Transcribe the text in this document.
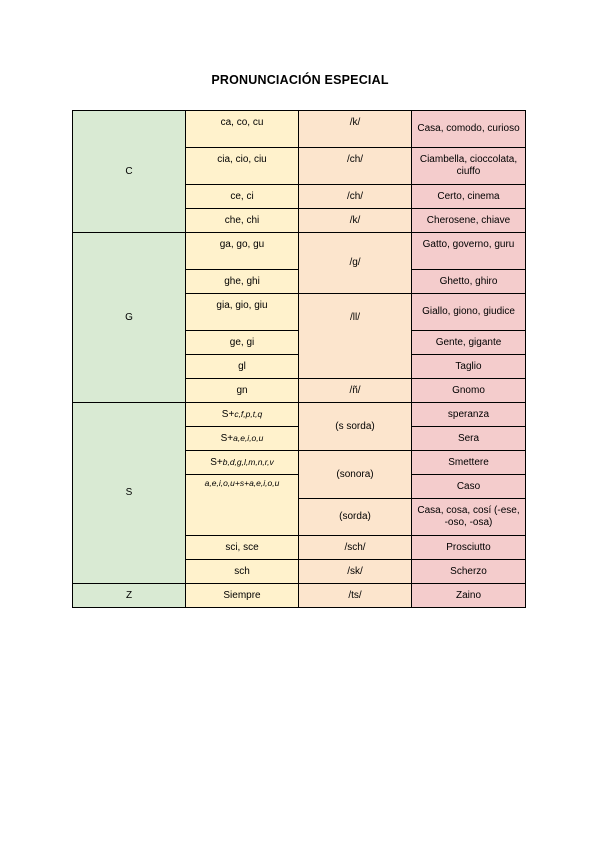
PRONUNCIACIÓN ESPECIAL
C	ca, co, cu	/k/	Casa, comodo, curioso
	cia, cio, ciu	/ch/	Ciambella, cioccolata, ciuffo
	ce, ci	/ch/	Certo, cinema
	che, chi	/k/	Cherosene, chiave
G	ga, go, gu	/g/	Gatto, governo, guru
	ghe, ghi		Ghetto, ghiro
	gia, gio, giu	/ll/	Giallo, giono, giudice
	ge, gi		Gente, gigante
	gl		Taglio
	gn	/ñ/	Gnomo
S	S+c,f,p,t,q	(s sorda)	speranza
	S+a,e,i,o,u		Sera
	S+b,d,g,l,m,n,r,v	(sonora)	Smettere
	a,e,i,o,u+s+a,e,i,o,u		Caso
		(sorda)	Casa, cosa, cosí (-ese, -oso, -osa)
	sci, sce	/sch/	Prosciutto
	sch	/sk/	Scherzo
Z	Siempre	/ts/	Zaino
